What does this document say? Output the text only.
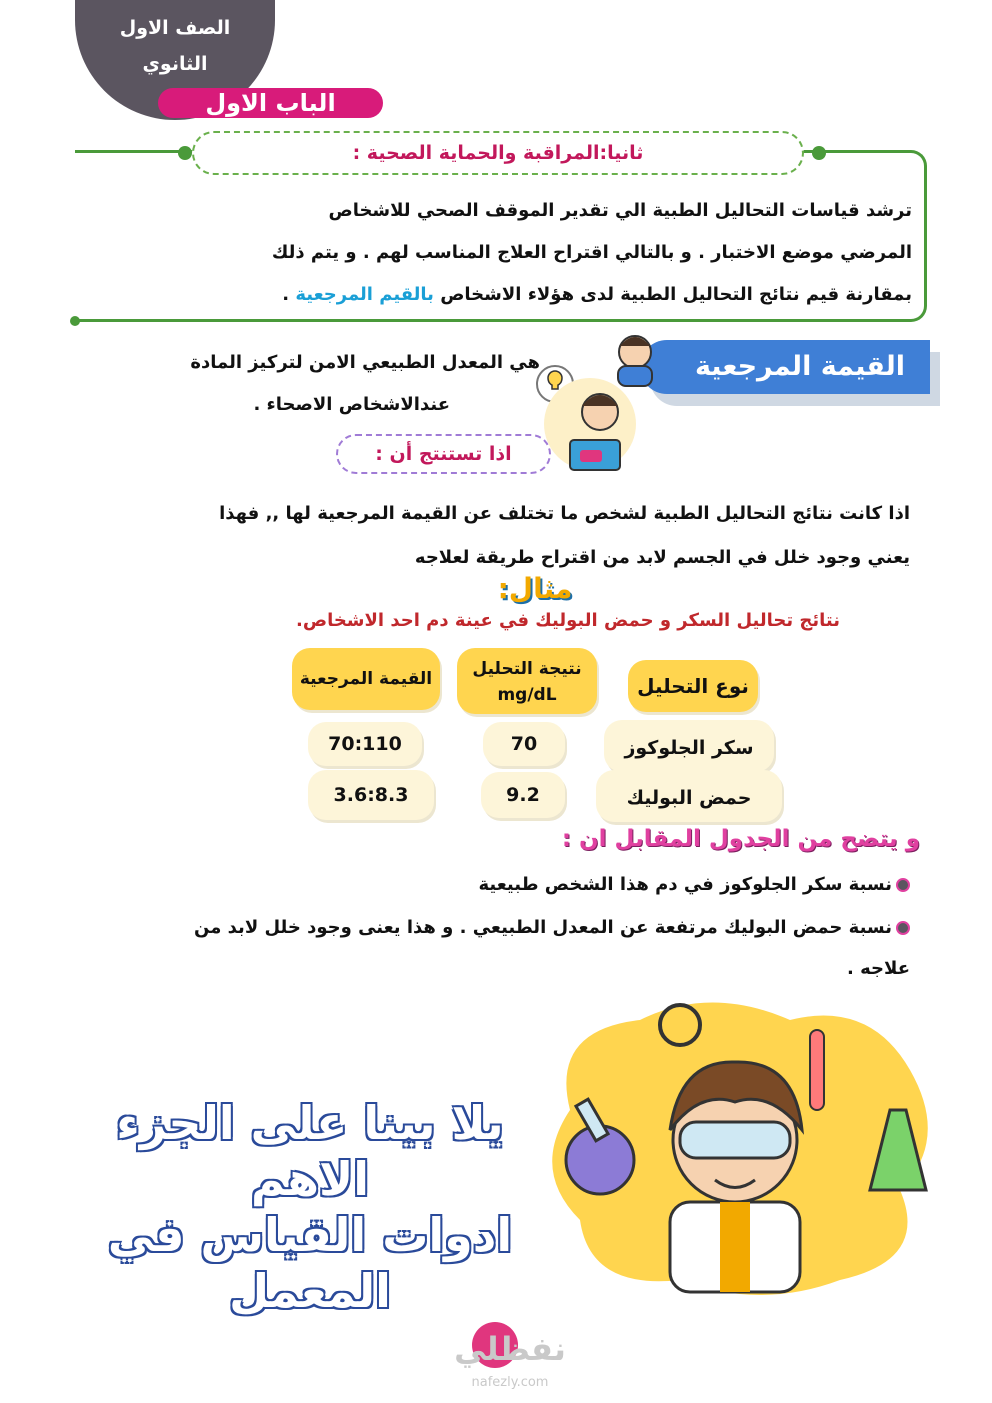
الصف الاول
الثانوي
الباب الاول
ثانيا:المراقبة والحماية الصحية :
ترشد قياسات التحاليل الطبية الي تقدير الموقف الصحي للاشخاص
المرضي موضع الاختبار . و بالتالي اقتراح العلاج المناسب لهم . و يتم ذلك
بمقارنة قيم نتائج التحاليل الطبية لدى هؤلاء الاشخاص بالقيم المرجعية .
القيمة المرجعية
هي المعدل الطبيعي الامن لتركيز المادة
عندالاشخاص الاصحاء .
اذا تستنتج أن :
اذا كانت نتائج التحاليل الطبية لشخص ما تختلف عن القيمة المرجعية لها ,, فهذا
يعني وجود خلل في الجسم لابد من اقتراح طريقة لعلاجه
مثال:
نتائج تحاليل السكر و حمض البوليك في عينة دم احد الاشخاص.
نوع التحليل
نتيجة التحليل
mg/dL
القيمة المرجعية
سكر الجلوكوز
70
70:110
حمض البوليك
9.2
3.6:8.3
و يتضح من الجدول المقابل ان :
نسبة سكر الجلوكوز في دم هذا الشخص طبيعية
نسبة حمض البوليك مرتفعة عن المعدل الطبيعي . و هذا يعنى وجود خلل لابد من
علاجه .
يلا بينا على الجزء الاهم
ادوات القياس في
المعمل
نفظلي
nafezly.com
